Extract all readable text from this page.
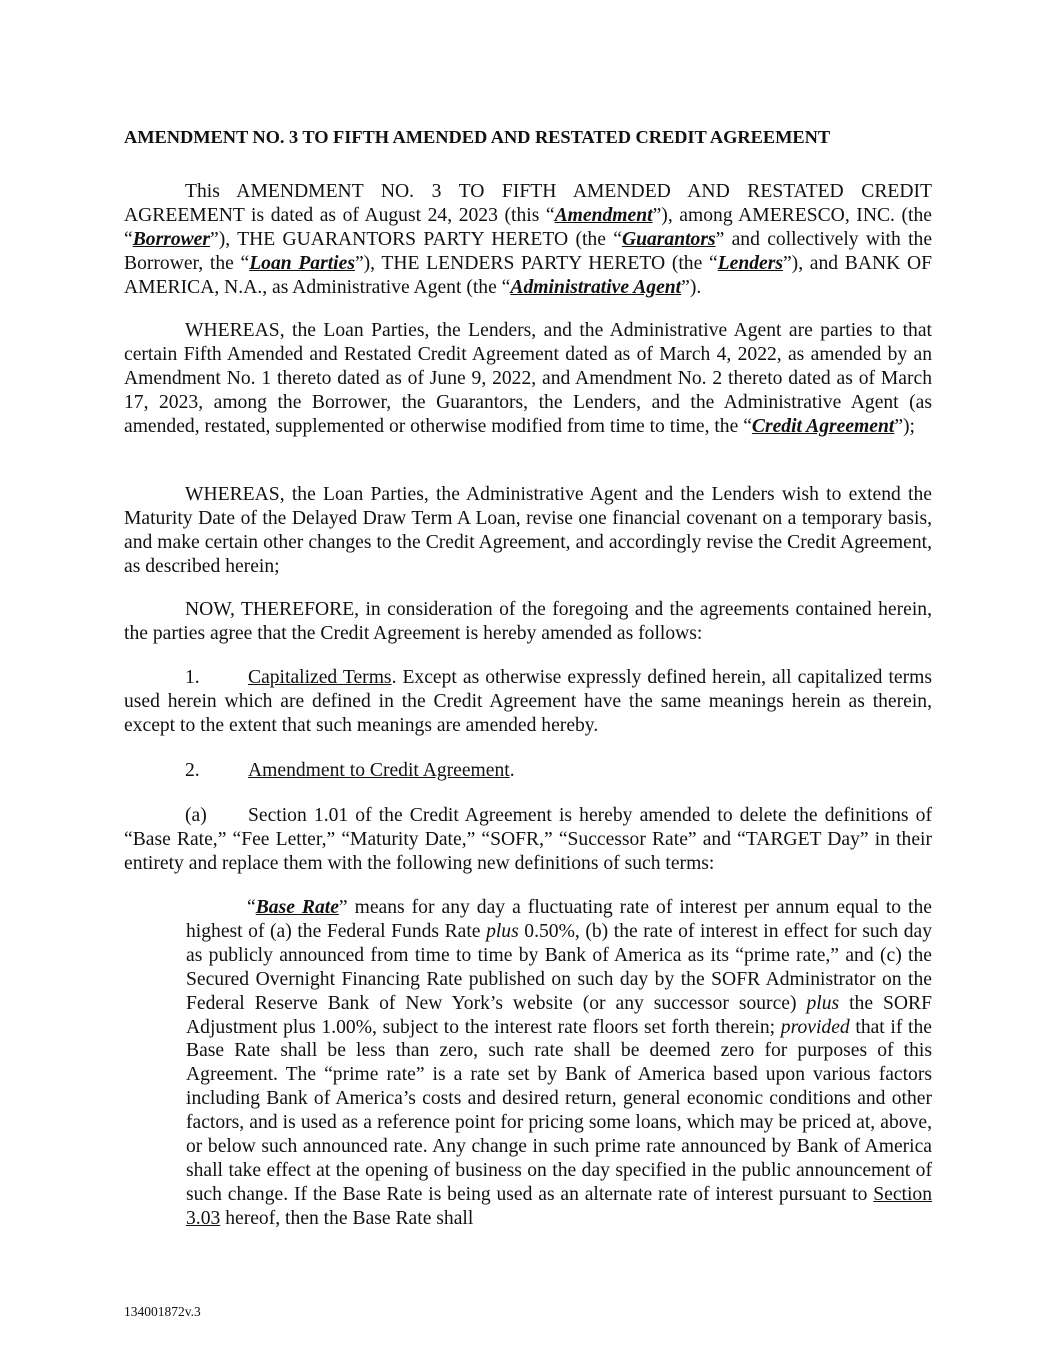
AMENDMENT NO. 3 TO FIFTH AMENDED AND RESTATED CREDIT AGREEMENT

This AMENDMENT NO. 3 TO FIFTH AMENDED AND RESTATED CREDIT AGREEMENT is dated as of August 24, 2023 (this “Amendment”), among AMERESCO, INC. (the “Borrower”), THE GUARANTORS PARTY HERETO (the “Guarantors” and collectively with the Borrower, the “Loan Parties”), THE LENDERS PARTY HERETO (the “Lenders”), and BANK OF AMERICA, N.A., as Administrative Agent (the “Administrative Agent”).

WHEREAS, the Loan Parties, the Lenders, and the Administrative Agent are parties to that certain Fifth Amended and Restated Credit Agreement dated as of March 4, 2022, as amended by an Amendment No. 1 thereto dated as of June 9, 2022, and Amendment No. 2 thereto dated as of March 17, 2023, among the Borrower, the Guarantors, the Lenders, and the Administrative Agent (as amended, restated, supplemented or otherwise modified from time to time, the “Credit Agreement”);

WHEREAS, the Loan Parties, the Administrative Agent and the Lenders wish to extend the Maturity Date of the Delayed Draw Term A Loan, revise one financial covenant on a temporary basis, and make certain other changes to the Credit Agreement, and accordingly revise the Credit Agreement, as described herein;

NOW, THEREFORE, in consideration of the foregoing and the agreements contained herein, the parties agree that the Credit Agreement is hereby amended as follows:

1. Capitalized Terms. Except as otherwise expressly defined herein, all capitalized terms used herein which are defined in the Credit Agreement have the same meanings herein as therein, except to the extent that such meanings are amended hereby.

2. Amendment to Credit Agreement.

(a) Section 1.01 of the Credit Agreement is hereby amended to delete the definitions of “Base Rate,” “Fee Letter,” “Maturity Date,” “SOFR,” “Successor Rate” and “TARGET Day” in their entirety and replace them with the following new definitions of such terms:

“Base Rate” means for any day a fluctuating rate of interest per annum equal to the highest of (a) the Federal Funds Rate plus 0.50%, (b) the rate of interest in effect for such day as publicly announced from time to time by Bank of America as its “prime rate,” and (c) the Secured Overnight Financing Rate published on such day by the SOFR Administrator on the Federal Reserve Bank of New York’s website (or any successor source) plus the SORF Adjustment plus 1.00%, subject to the interest rate floors set forth therein; provided that if the Base Rate shall be less than zero, such rate shall be deemed zero for purposes of this Agreement. The “prime rate” is a rate set by Bank of America based upon various factors including Bank of America’s costs and desired return, general economic conditions and other factors, and is used as a reference point for pricing some loans, which may be priced at, above, or below such announced rate. Any change in such prime rate announced by Bank of America shall take effect at the opening of business on the day specified in the public announcement of such change. If the Base Rate is being used as an alternate rate of interest pursuant to Section 3.03 hereof, then the Base Rate shall

134001872v.3
